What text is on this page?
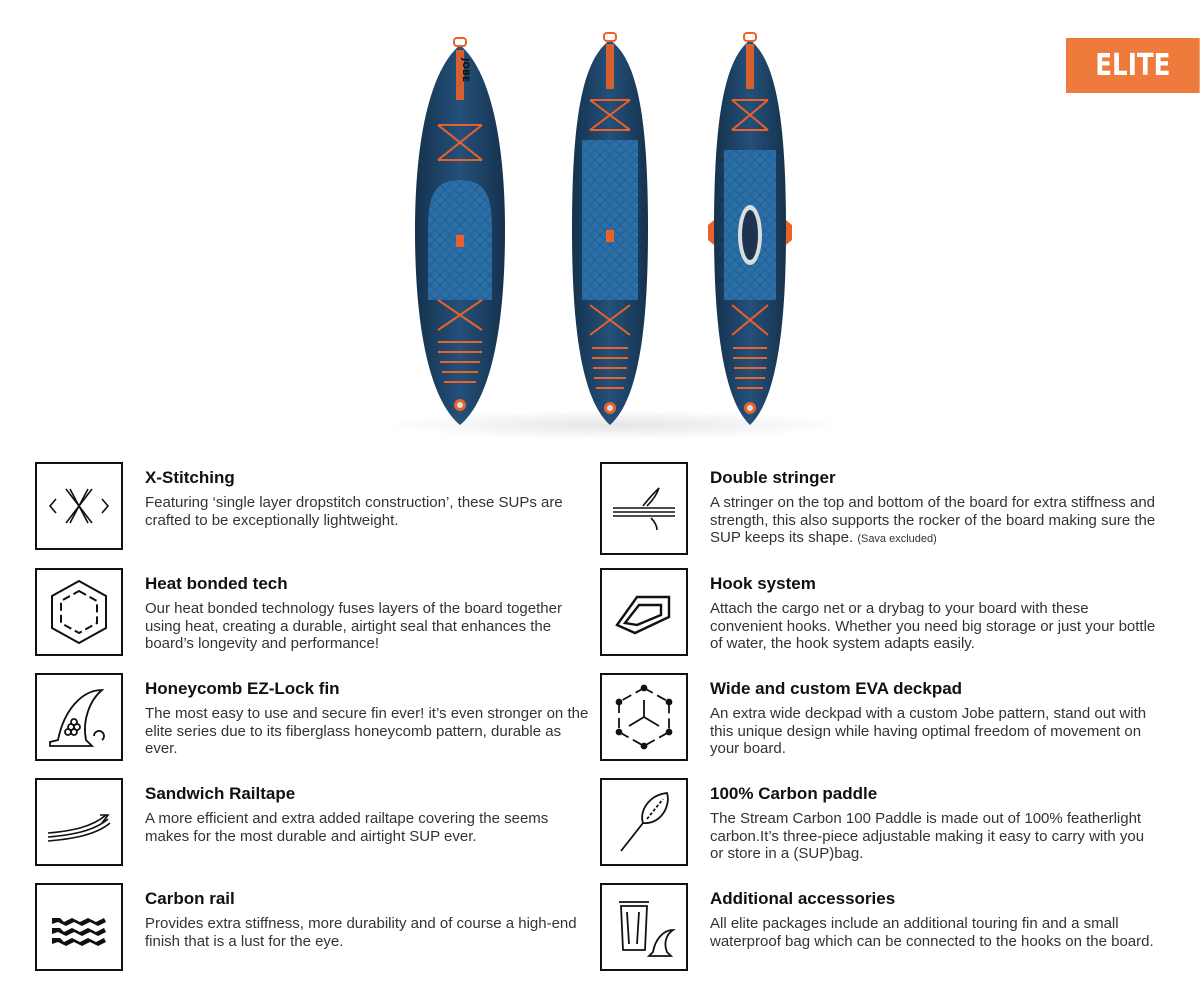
ELITE
JOBE
X-Stitching
Featuring ‘single layer dropstitch construction’, these SUPs are crafted to be exceptionally lightweight.
Heat bonded tech
Our heat bonded technology fuses layers of the board together using heat, creating a durable, airtight seal that enhances the board’s longevity and performance!
Honeycomb EZ-Lock fin
The most easy to use and secure fin ever! it’s even stronger on the elite series due to its fiberglass honeycomb pattern, durable as ever.
Sandwich Railtape
A more efficient and extra added railtape covering the seems makes for the most durable and airtight SUP ever.
Carbon rail
Provides extra stiffness, more durability and of course a high-end finish that is a lust for the eye.
Double stringer
A stringer on the top and bottom of the board for extra stiffness and strength, this also supports the rocker of the board making sure the SUP keeps its shape. (Sava excluded)
Hook system
Attach the cargo net or a drybag to your board with these convenient hooks. Whether you need big storage or just your bottle of water, the hook system adapts easily.
Wide and custom EVA deckpad
An extra wide deckpad with a custom Jobe pattern, stand out with this unique design while having optimal freedom of movement on your board.
100% Carbon paddle
The Stream Carbon 100 Paddle is made out of 100% featherlight carbon.It’s three-piece adjustable making it easy to carry with you or store in a (SUP)bag.
Additional accessories
All elite packages include an additional touring fin and a small waterproof bag which can be connected to the hooks on the board.
